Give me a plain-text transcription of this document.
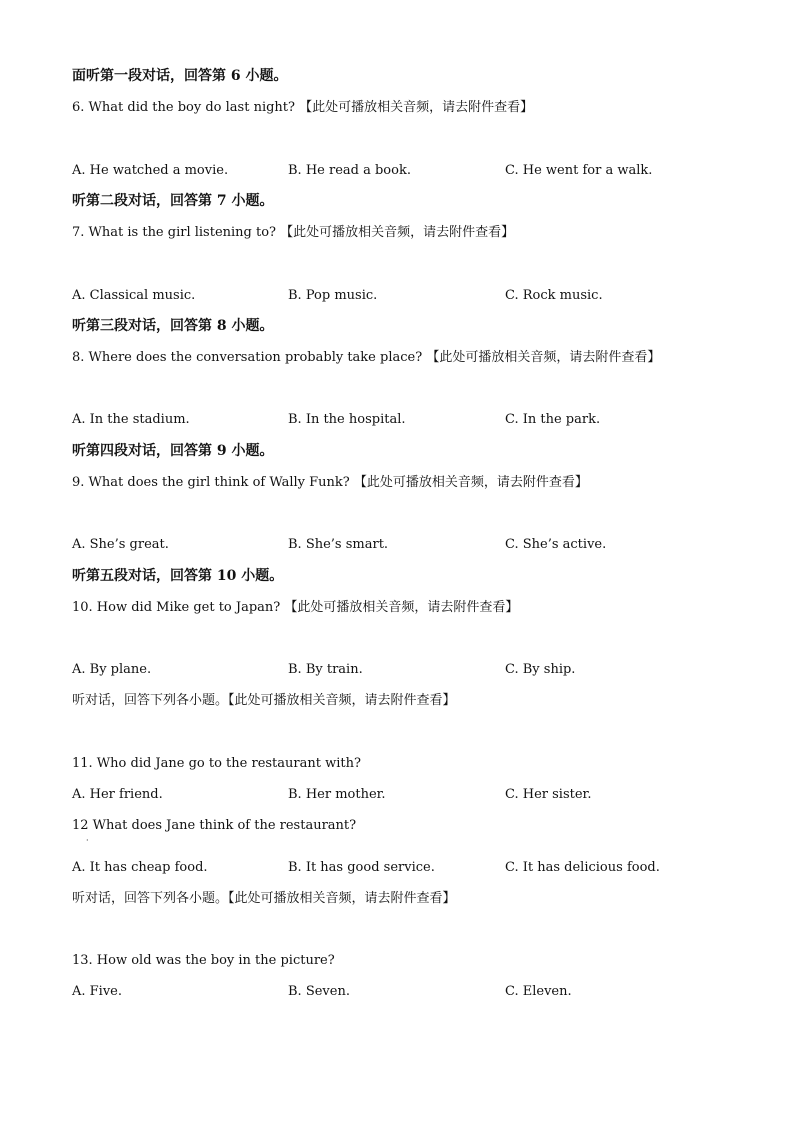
面听第一段对话，回答第 6 小题。
6. What did the boy do last night? 【此处可播放相关音频，请去附件查看】
A. He watched a movie.	B. He read a book.	C. He went for a walk.
听第二段对话，回答第 7 小题。
7. What is the girl listening to? 【此处可播放相关音频，请去附件查看】
A. Classical music.	B. Pop music.	C. Rock music.
听第三段对话，回答第 8 小题。
8. Where does the conversation probably take place? 【此处可播放相关音频，请去附件查看】
A. In the stadium.	B. In the hospital.	C. In the park.
听第四段对话，回答第 9 小题。
9. What does the girl think of Wally Funk? 【此处可播放相关音频，请去附件查看】
A. She’s great.	B. She’s smart.	C. She’s active.
听第五段对话，回答第 10 小题。
10. How did Mike get to Japan? 【此处可播放相关音频，请去附件查看】
A. By plane.	B. By train.	C. By ship.
听对话，回答下列各小题。【此处可播放相关音频，请去附件查看】
11. Who did Jane go to the restaurant with?
A. Her friend.	B. Her mother.	C. Her sister.
12 What does Jane think of the restaurant?
·
A. It has cheap food.	B. It has good service.	C. It has delicious food.
听对话，回答下列各小题。【此处可播放相关音频，请去附件查看】
13. How old was the boy in the picture?
A. Five.	B. Seven.	C. Eleven.
